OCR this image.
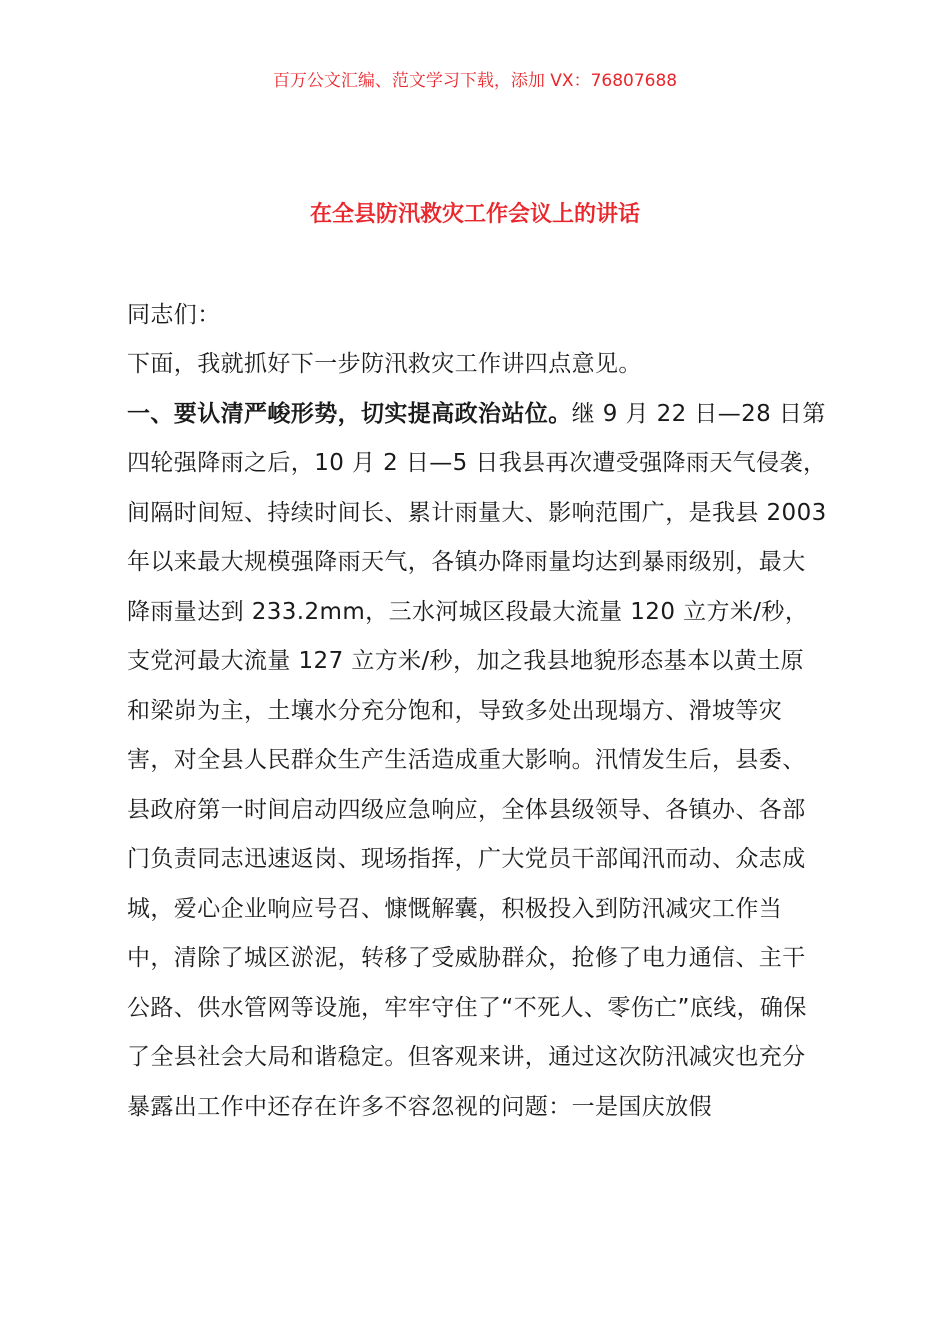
百万公文汇编、范文学习下载，添加 VX：76807688
在全县防汛救灾工作会议上的讲话
同志们：

下面，我就抓好下一步防汛救灾工作讲四点意见。

一、要认清严峻形势，切实提高政治站位。继 9 月 22 日—28 日第四轮强降雨之后，10 月 2 日—5 日我县再次遭受强降雨天气侵袭，间隔时间短、持续时间长、累计雨量大、影响范围广，是我县 2003 年以来最大规模强降雨天气，各镇办降雨量均达到暴雨级别，最大降雨量达到 233.2mm，三水河城区段最大流量 120 立方米/秒，支党河最大流量 127 立方米/秒，加之我县地貌形态基本以黄土原和梁峁为主，土壤水分充分饱和，导致多处出现塌方、滑坡等灾害，对全县人民群众生产生活造成重大影响。汛情发生后，县委、县政府第一时间启动四级应急响应，全体县级领导、各镇办、各部门负责同志迅速返岗、现场指挥，广大党员干部闻汛而动、众志成城，爱心企业响应号召、慷慨解囊，积极投入到防汛减灾工作当中，清除了城区淤泥，转移了受威胁群众，抢修了电力通信、主干公路、供水管网等设施，牢牢守住了“不死人、零伤亡”底线，确保了全县社会大局和谐稳定。但客观来讲，通过这次防汛减灾也充分暴露出工作中还存在许多不容忽视的问题：一是国庆放假
